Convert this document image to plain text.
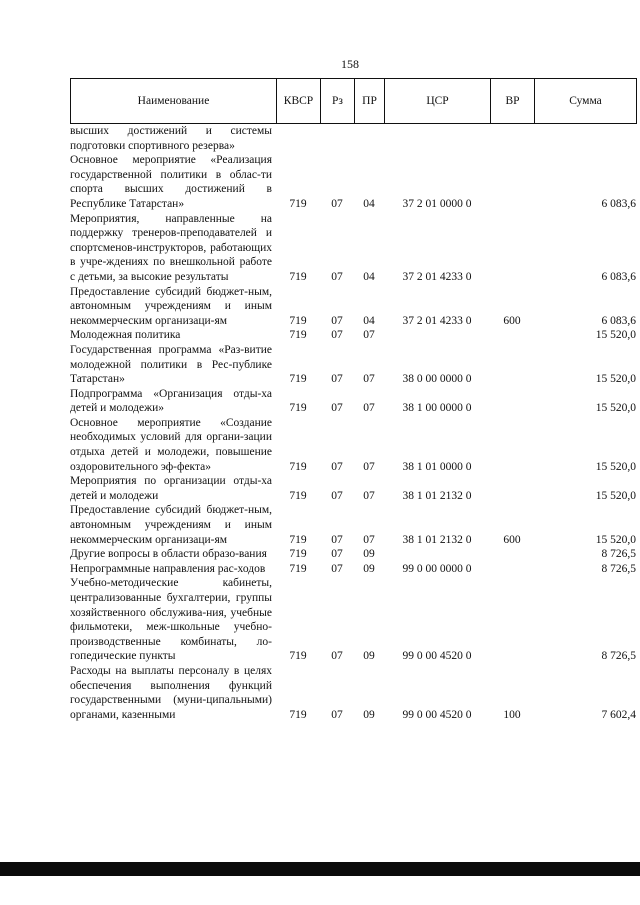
158
Наименование	КВСР	Рз	ПР	ЦСР	ВР	Сумма
высших достижений и системы подготовки спортивного резерва»
Основное мероприятие «Реализация государственной политики в облас-ти спорта высших достижений в Республике Татарстан»	719	07	04	37 2 01 0000 0	6 083,6
Мероприятия, направленные на поддержку тренеров-преподавателей и спортсменов-инструкторов, работающих в учре-ждениях по внешкольной работе с детьми, за высокие результаты	719	07	04	37 2 01 4233 0	6 083,6
Предоставление субсидий бюджет-ным, автономным учреждениям и иным некоммерческим организаци-ям	719	07	04	37 2 01 4233 0	600	6 083,6
Молодежная политика	719	07	07	15 520,0
Государственная программа «Раз-витие молодежной политики в Рес-публике Татарстан»	719	07	07	38 0 00 0000 0	15 520,0
Подпрограмма «Организация отды-ха детей и молодежи»	719	07	07	38 1 00 0000 0	15 520,0
Основное мероприятие «Создание необходимых условий для органи-зации отдыха детей и молодежи, повышение оздоровительного эф-фекта»	719	07	07	38 1 01 0000 0	15 520,0
Мероприятия по организации отды-ха детей и молодежи	719	07	07	38 1 01 2132 0	15 520,0
Предоставление субсидий бюджет-ным, автономным учреждениям и иным некоммерческим организаци-ям	719	07	07	38 1 01 2132 0	600	15 520,0
Другие вопросы в области образо-вания	719	07	09	8 726,5
Непрограммные направления рас-ходов	719	07	09	99 0 00 0000 0	8 726,5
Учебно-методические кабинеты, централизованные бухгалтерии, группы хозяйственного обслужива-ния, учебные фильмотеки, меж-школьные учебно-производственные комбинаты, ло-гопедические пункты	719	07	09	99 0 00 4520 0	8 726,5
Расходы на выплаты персоналу в целях обеспечения выполнения функций государственными (муни-ципальными) органами, казенными	719	07	09	99 0 00 4520 0	100	7 602,4
